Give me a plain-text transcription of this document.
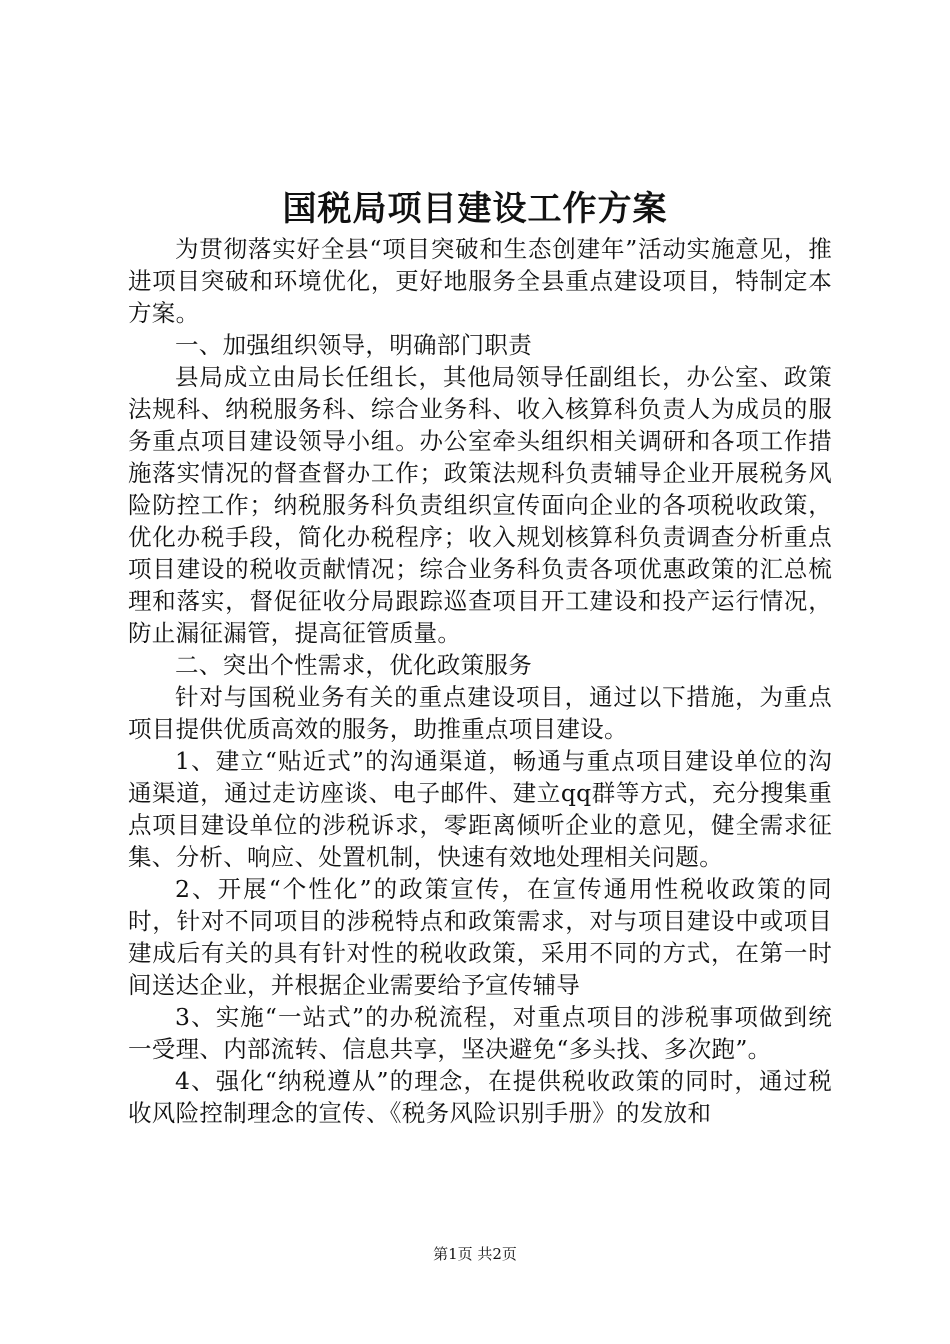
国税局项目建设工作方案

为贯彻落实好全县“项目突破和生态创建年”活动实施意见，推进项目突破和环境优化，更好地服务全县重点建设项目，特制定本方案。

一、加强组织领导，明确部门职责

县局成立由局长任组长，其他局领导任副组长，办公室、政策法规科、纳税服务科、综合业务科、收入核算科负责人为成员的服务重点项目建设领导小组。办公室牵头组织相关调研和各项工作措施落实情况的督查督办工作；政策法规科负责辅导企业开展税务风险防控工作；纳税服务科负责组织宣传面向企业的各项税收政策，优化办税手段，简化办税程序；收入规划核算科负责调查分析重点项目建设的税收贡献情况；综合业务科负责各项优惠政策的汇总梳理和落实，督促征收分局跟踪巡查项目开工建设和投产运行情况，防止漏征漏管，提高征管质量。

二、突出个性需求，优化政策服务

针对与国税业务有关的重点建设项目，通过以下措施，为重点项目提供优质高效的服务，助推重点项目建设。

1、建立“贴近式”的沟通渠道，畅通与重点项目建设单位的沟通渠道，通过走访座谈、电子邮件、建立qq群等方式，充分搜集重点项目建设单位的涉税诉求，零距离倾听企业的意见，健全需求征集、分析、响应、处置机制，快速有效地处理相关问题。

2、开展“个性化”的政策宣传，在宣传通用性税收政策的同时，针对不同项目的涉税特点和政策需求，对与项目建设中或项目建成后有关的具有针对性的税收政策，采用不同的方式，在第一时间送达企业，并根据企业需要给予宣传辅导

3、实施“一站式”的办税流程，对重点项目的涉税事项做到统一受理、内部流转、信息共享，坚决避免“多头找、多次跑”。

4、强化“纳税遵从”的理念，在提供税收政策的同时，通过税收风险控制理念的宣传、《税务风险识别手册》的发放和

第1页 共2页
